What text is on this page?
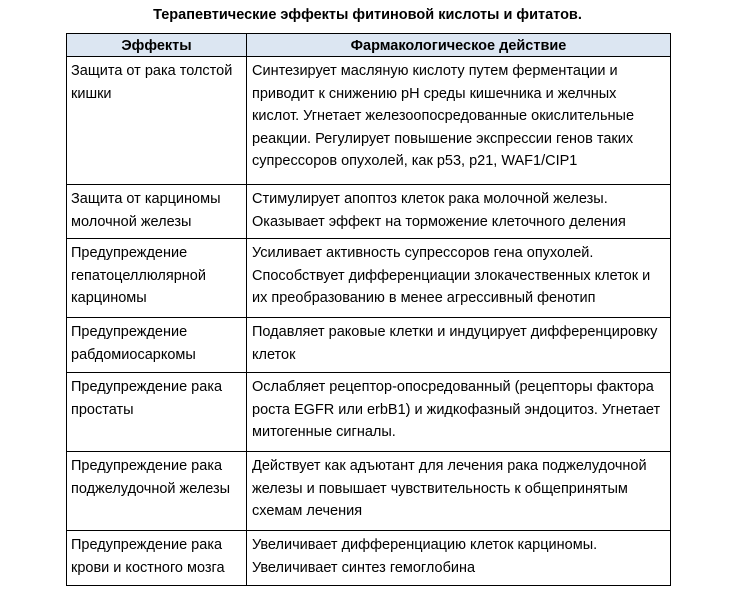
Терапевтические эффекты фитиновой кислоты и фитатов.
Эффекты	Фармакологическое действие
Защита от рака толстой кишки	Синтезирует масляную кислоту путем ферментации и приводит к снижению pH среды кишечника и желчных кислот. Угнетает железоопосредованные окислительные реакции. Регулирует повышение экспрессии генов таких супрессоров опухолей, как p53, p21, WAF1/CIP1
Защита от карциномы молочной железы	Стимулирует апоптоз клеток рака молочной железы. Оказывает эффект на торможение клеточного деления
Предупреждение гепатоцеллюлярной карциномы	Усиливает активность супрессоров гена опухолей. Способствует дифференциации злокачественных клеток и их преобразованию в менее агрессивный фенотип
Предупреждение рабдомиосаркомы	Подавляет раковые клетки и индуцирует дифференцировку клеток
Предупреждение рака простаты	Ослабляет рецептор-опосредованный (рецепторы фактора роста EGFR или erbB1) и жидкофазный эндоцитоз. Угнетает митогенные сигналы.
Предупреждение рака поджелудочной железы	Действует как адъютант для лечения рака поджелудочной железы и повышает чувствительность к общепринятым схемам лечения
Предупреждение рака крови и костного мозга	Увеличивает дифференциацию клеток карциномы. Увеличивает синтез гемоглобина
